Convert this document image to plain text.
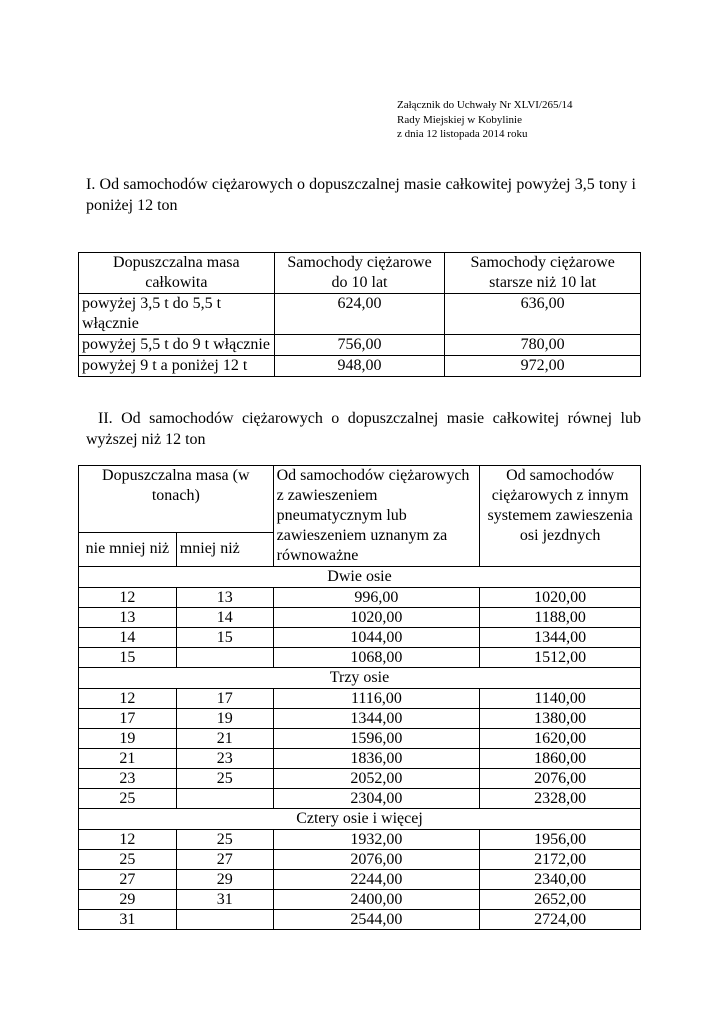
Załącznik do Uchwały Nr XLVI/265/14
Rady Miejskiej w Kobylinie
z dnia 12 listopada 2014 roku
I. Od samochodów ciężarowych o dopuszczalnej masie całkowitej powyżej 3,5 tony i poniżej 12 ton
Dopuszczalna masa całkowita	Samochody ciężarowe do 10 lat	Samochody ciężarowe starsze niż 10 lat
powyżej 3,5 t do 5,5 t włącznie	624,00	636,00
powyżej 5,5 t do 9 t włącznie	756,00	780,00
powyżej 9 t a poniżej 12 t	948,00	972,00
II. Od samochodów ciężarowych o dopuszczalnej masie całkowitej równej lub wyższej niż 12 ton
Dopuszczalna masa (w tonach)		Od samochodów ciężarowych z zawieszeniem pneumatycznym lub zawieszeniem uznanym za równoważne	Od samochodów ciężarowych z innym systemem zawieszenia osi jezdnych
nie mniej niż	mniej niż		
Dwie osie			
12	13	996,00	1020,00
13	14	1020,00	1188,00
14	15	1044,00	1344,00
15		1068,00	1512,00
Trzy osie			
12	17	1116,00	1140,00
17	19	1344,00	1380,00
19	21	1596,00	1620,00
21	23	1836,00	1860,00
23	25	2052,00	2076,00
25		2304,00	2328,00
Cztery osie i więcej			
12	25	1932,00	1956,00
25	27	2076,00	2172,00
27	29	2244,00	2340,00
29	31	2400,00	2652,00
31		2544,00	2724,00
